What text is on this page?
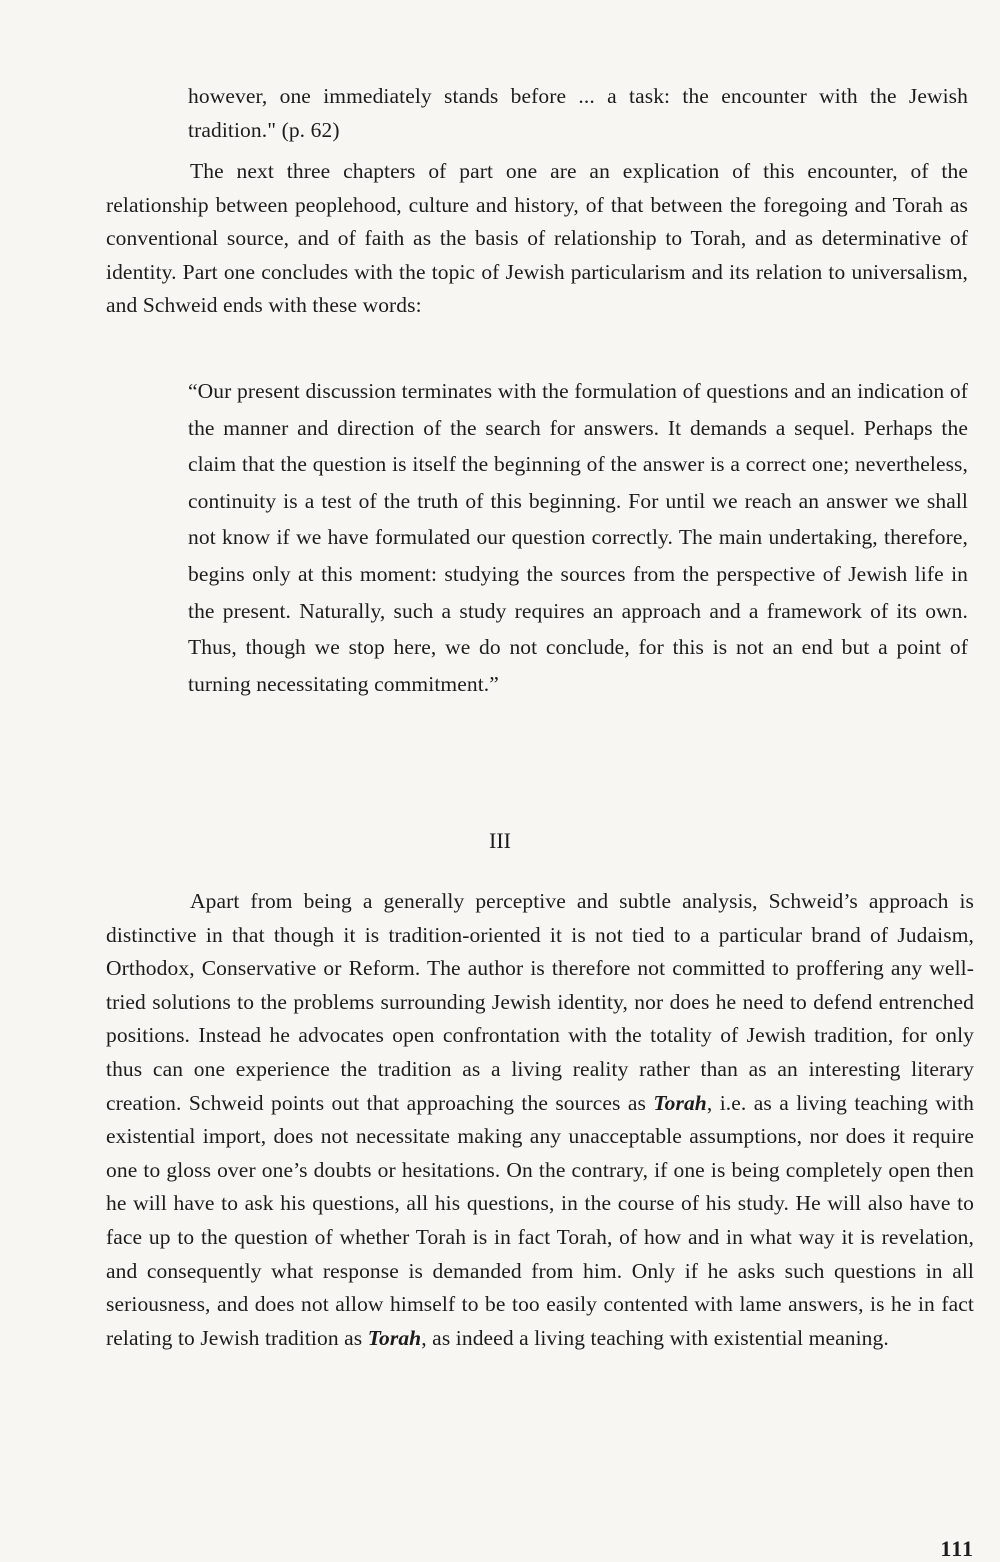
however, one immediately stands before ... a task: the encounter with the Jewish tradition." (p. 62)

The next three chapters of part one are an explication of this encounter, of the relationship between peoplehood, culture and history, of that between the foregoing and Torah as conventional source, and of faith as the basis of relationship to Torah, and as determinative of identity. Part one concludes with the topic of Jewish particularism and its relation to universalism, and Schweid ends with these words:

“Our present discussion terminates with the formulation of questions and an indication of the manner and direction of the search for answers. It demands a sequel. Perhaps the claim that the question is itself the beginning of the answer is a correct one; nevertheless, continuity is a test of the truth of this beginning. For until we reach an answer we shall not know if we have formulated our question correctly. The main undertaking, therefore, begins only at this moment: studying the sources from the perspective of Jewish life in the present. Naturally, such a study requires an approach and a framework of its own. Thus, though we stop here, we do not conclude, for this is not an end but a point of turning necessitating commitment.”

III

Apart from being a generally perceptive and subtle analysis, Schweid’s approach is distinctive in that though it is tradition-oriented it is not tied to a particular brand of Judaism, Orthodox, Conservative or Reform. The author is therefore not committed to proffering any well-tried solutions to the problems surrounding Jewish identity, nor does he need to defend entrenched positions. Instead he advocates open confrontation with the totality of Jewish tradition, for only thus can one experience the tradition as a living reality rather than as an interesting literary creation. Schweid points out that approaching the sources as Torah, i.e. as a living teaching with existential import, does not necessitate making any unacceptable assumptions, nor does it require one to gloss over one’s doubts or hesitations. On the contrary, if one is being completely open then he will have to ask his questions, all his questions, in the course of his study. He will also have to face up to the question of whether Torah is in fact Torah, of how and in what way it is revelation, and consequently what response is demanded from him. Only if he asks such questions in all seriousness, and does not allow himself to be too easily contented with lame answers, is he in fact relating to Jewish tradition as Torah, as indeed a living teaching with existential meaning.

111
